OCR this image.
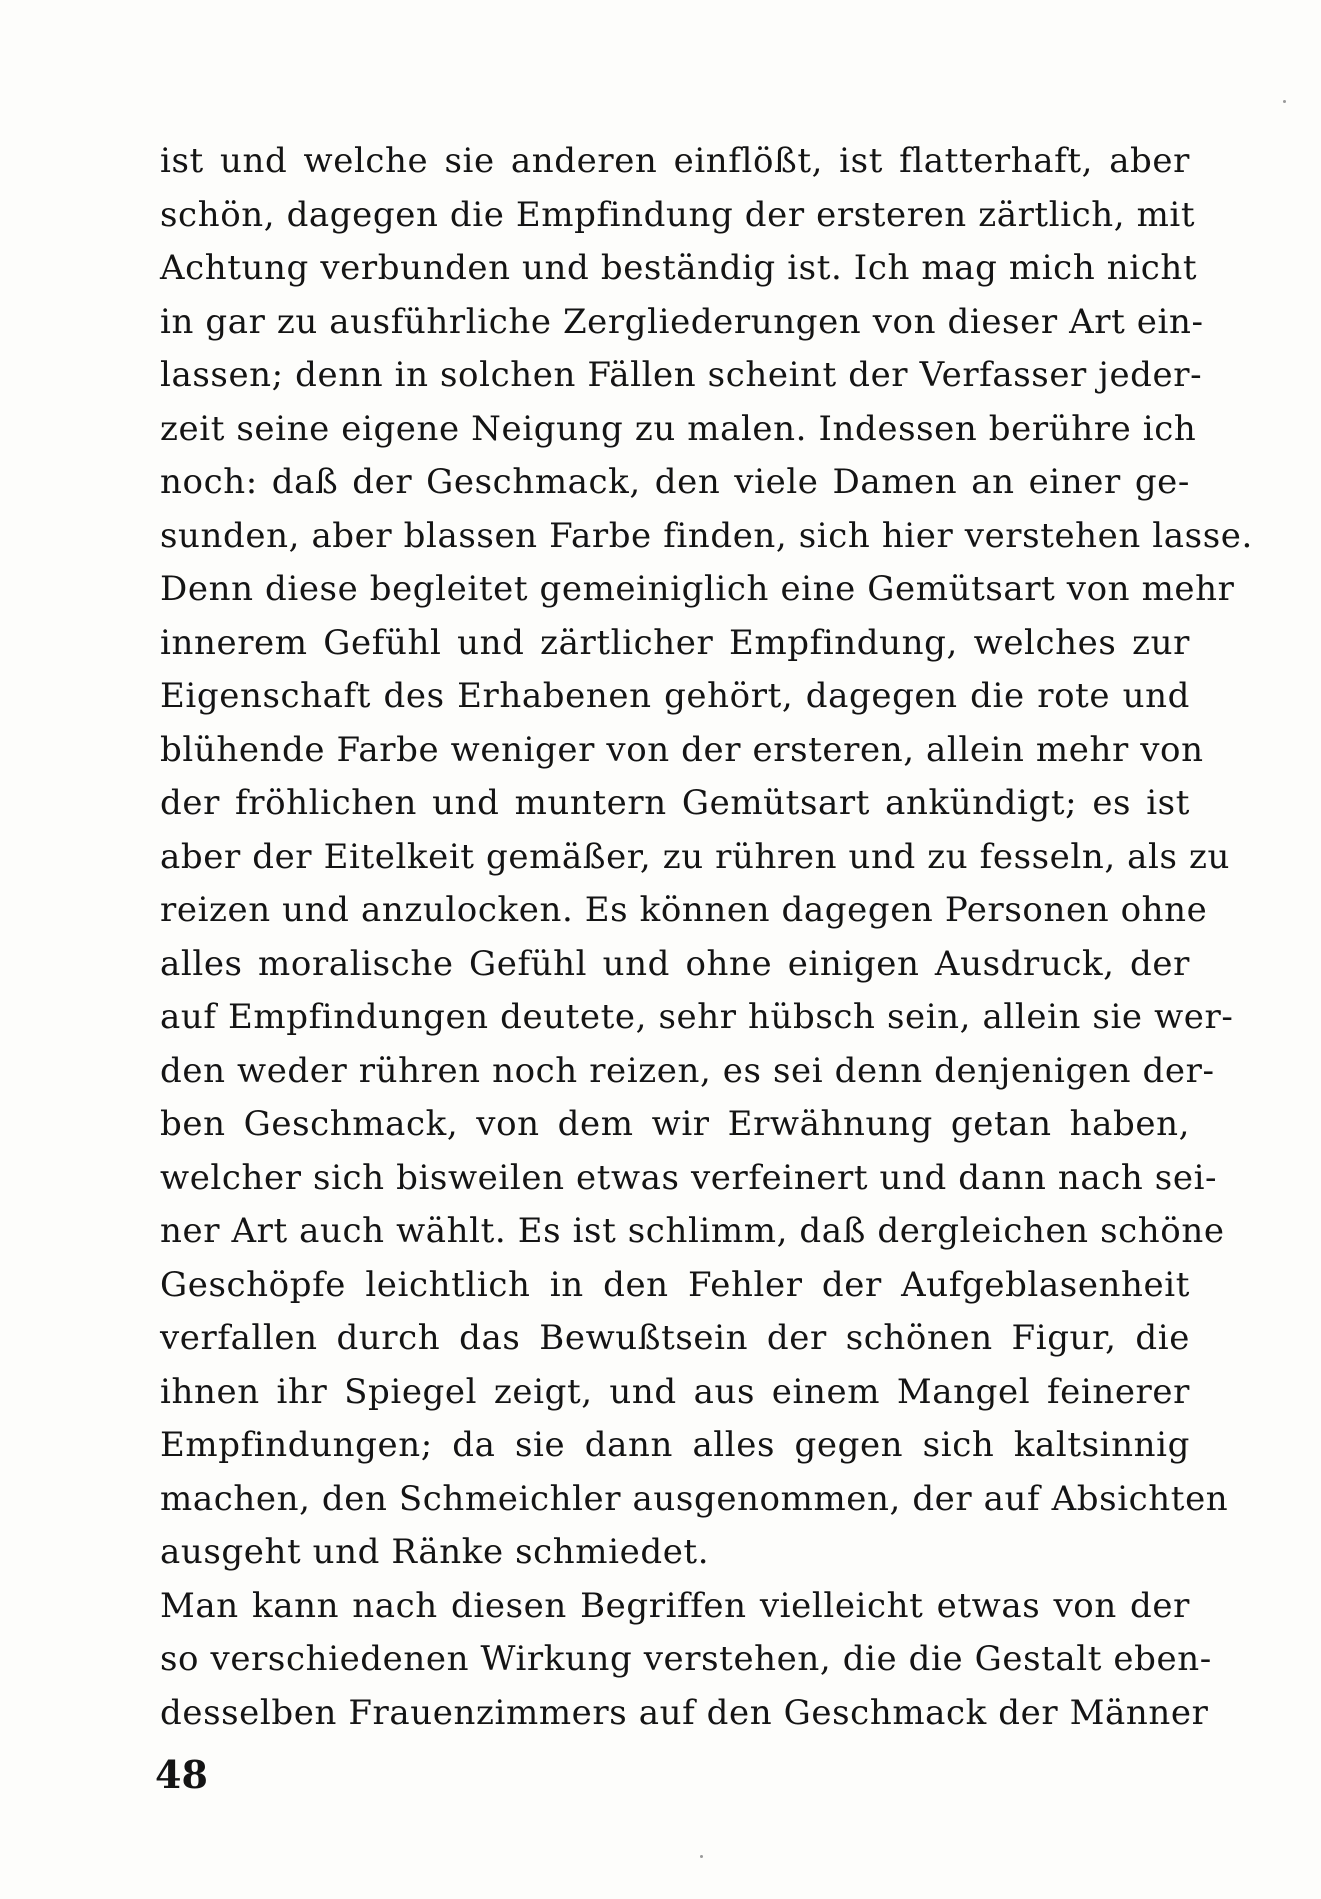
ist und welche sie anderen einflößt, ist flatterhaft, aber
schön, dagegen die Empfindung der ersteren zärtlich, mit
Achtung verbunden und beständig ist. Ich mag mich nicht
in gar zu ausführliche Zergliederungen von dieser Art ein-
lassen; denn in solchen Fällen scheint der Verfasser jeder-
zeit seine eigene Neigung zu malen. Indessen berühre ich
noch: daß der Geschmack, den viele Damen an einer ge-
sunden, aber blassen Farbe finden, sich hier verstehen lasse.
Denn diese begleitet gemeiniglich eine Gemütsart von mehr
innerem Gefühl und zärtlicher Empfindung, welches zur
Eigenschaft des Erhabenen gehört, dagegen die rote und
blühende Farbe weniger von der ersteren, allein mehr von
der fröhlichen und muntern Gemütsart ankündigt; es ist
aber der Eitelkeit gemäßer, zu rühren und zu fesseln, als zu
reizen und anzulocken. Es können dagegen Personen ohne
alles moralische Gefühl und ohne einigen Ausdruck, der
auf Empfindungen deutete, sehr hübsch sein, allein sie wer-
den weder rühren noch reizen, es sei denn denjenigen der-
ben Geschmack, von dem wir Erwähnung getan haben,
welcher sich bisweilen etwas verfeinert und dann nach sei-
ner Art auch wählt. Es ist schlimm, daß dergleichen schöne
Geschöpfe leichtlich in den Fehler der Aufgeblasenheit
verfallen durch das Bewußtsein der schönen Figur, die
ihnen ihr Spiegel zeigt, und aus einem Mangel feinerer
Empfindungen; da sie dann alles gegen sich kaltsinnig
machen, den Schmeichler ausgenommen, der auf Absichten
ausgeht und Ränke schmiedet.
Man kann nach diesen Begriffen vielleicht etwas von der
so verschiedenen Wirkung verstehen, die die Gestalt eben-
desselben Frauenzimmers auf den Geschmack der Männer
48
